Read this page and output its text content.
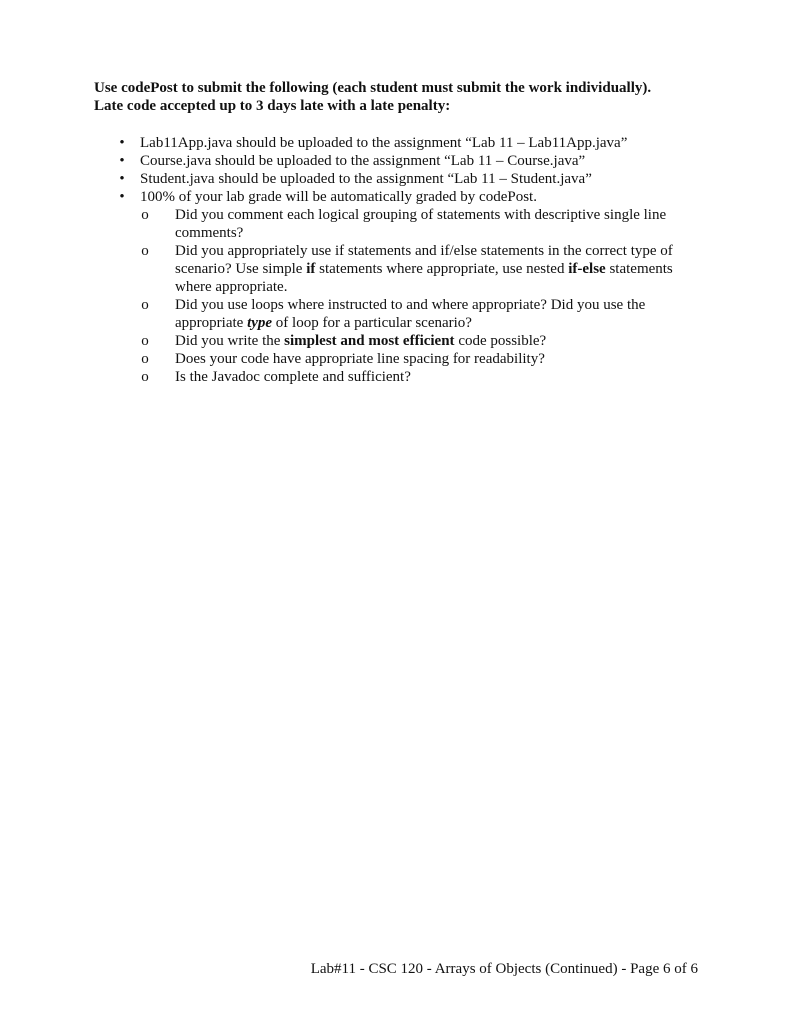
Use codePost to submit the following (each student must submit the work individually).
Late code accepted up to 3 days late with a late penalty:
• Lab11App.java should be uploaded to the assignment “Lab 11 – Lab11App.java”
• Course.java should be uploaded to the assignment “Lab 11 – Course.java”
• Student.java should be uploaded to the assignment “Lab 11 – Student.java”
• 100% of your lab grade will be automatically graded by codePost.
o Did you comment each logical grouping of statements with descriptive single line comments?
o Did you appropriately use if statements and if/else statements in the correct type of scenario? Use simple if statements where appropriate, use nested if-else statements where appropriate.
o Did you use loops where instructed to and where appropriate? Did you use the appropriate type of loop for a particular scenario?
o Did you write the simplest and most efficient code possible?
o Does your code have appropriate line spacing for readability?
o Is the Javadoc complete and sufficient?
Lab#11 - CSC 120 - Arrays of Objects (Continued) - Page 6 of 6
